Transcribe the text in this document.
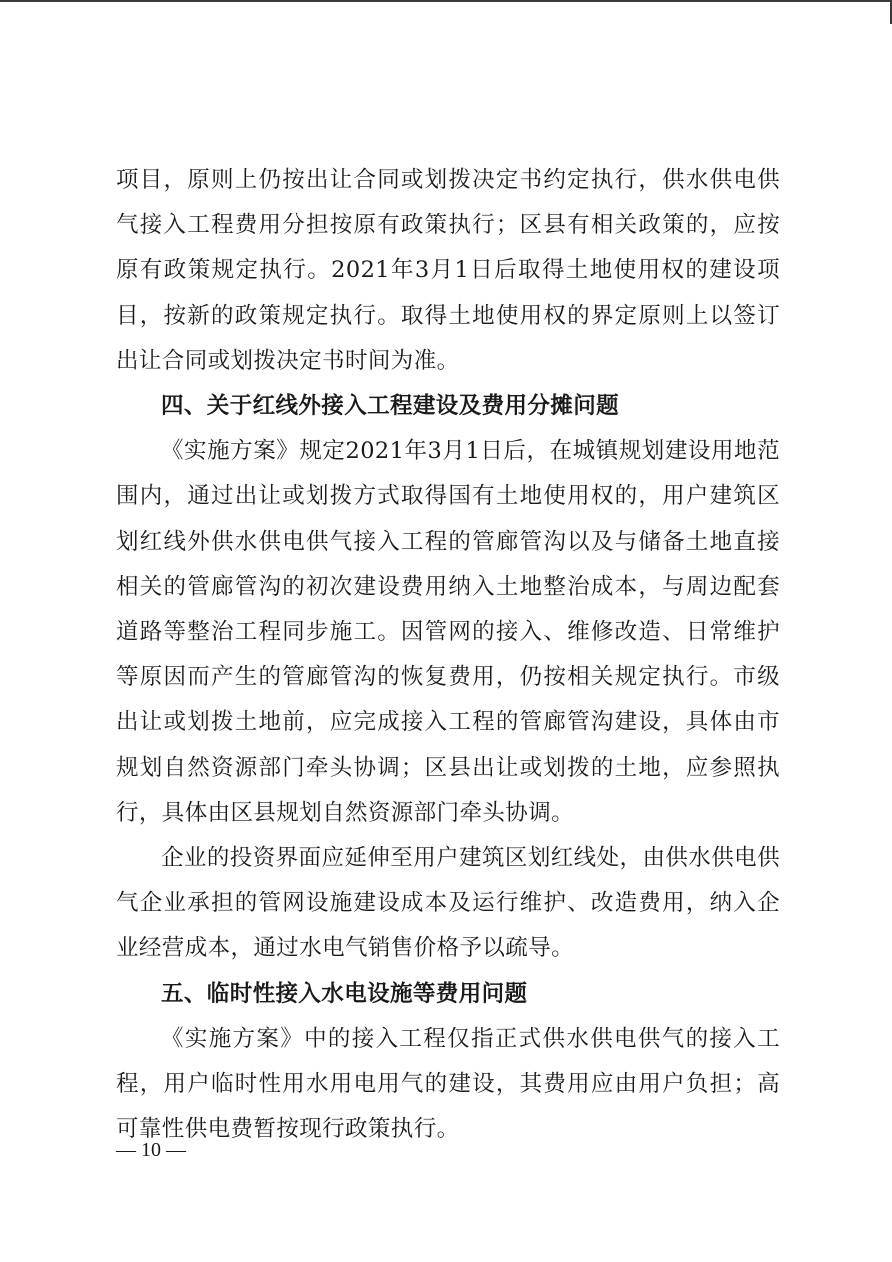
项目，原则上仍按出让合同或划拨决定书约定执行，供水供电供气接入工程费用分担按原有政策执行；区县有相关政策的，应按原有政策规定执行。2021年3月1日后取得土地使用权的建设项目，按新的政策规定执行。取得土地使用权的界定原则上以签订出让合同或划拨决定书时间为准。

四、关于红线外接入工程建设及费用分摊问题

《实施方案》规定2021年3月1日后，在城镇规划建设用地范围内，通过出让或划拨方式取得国有土地使用权的，用户建筑区划红线外供水供电供气接入工程的管廊管沟以及与储备土地直接相关的管廊管沟的初次建设费用纳入土地整治成本，与周边配套道路等整治工程同步施工。因管网的接入、维修改造、日常维护等原因而产生的管廊管沟的恢复费用，仍按相关规定执行。市级出让或划拨土地前，应完成接入工程的管廊管沟建设，具体由市规划自然资源部门牵头协调；区县出让或划拨的土地，应参照执行，具体由区县规划自然资源部门牵头协调。

企业的投资界面应延伸至用户建筑区划红线处，由供水供电供气企业承担的管网设施建设成本及运行维护、改造费用，纳入企业经营成本，通过水电气销售价格予以疏导。

五、临时性接入水电设施等费用问题

《实施方案》中的接入工程仅指正式供水供电供气的接入工程，用户临时性用水用电用气的建设，其费用应由用户负担；高可靠性供电费暂按现行政策执行。

— 10 —
